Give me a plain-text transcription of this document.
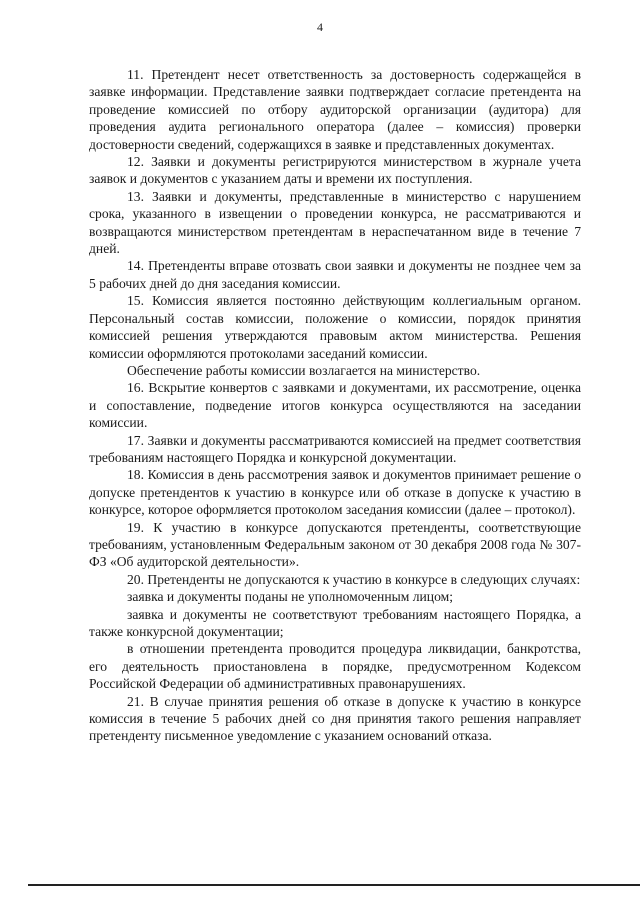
4

11. Претендент несет ответственность за достоверность содержащейся в заявке информации. Представление заявки подтверждает согласие претендента на проведение комиссией по отбору аудиторской организации (аудитора) для проведения аудита регионального оператора (далее – комиссия) проверки достоверности сведений, содержащихся в заявке и представленных документах.

12. Заявки и документы регистрируются министерством в журнале учета заявок и документов с указанием даты и времени их поступления.

13. Заявки и документы, представленные в министерство с нарушением срока, указанного в извещении о проведении конкурса, не рассматриваются и возвращаются министерством претендентам в нераспечатанном виде в течение 7 дней.

14. Претенденты вправе отозвать свои заявки и документы не позднее чем за 5 рабочих дней до дня заседания комиссии.

15. Комиссия является постоянно действующим коллегиальным органом. Персональный состав комиссии, положение о комиссии, порядок принятия комиссией решения утверждаются правовым актом министерства. Решения комиссии оформляются протоколами заседаний комиссии.

Обеспечение работы комиссии возлагается на министерство.

16. Вскрытие конвертов с заявками и документами, их рассмотрение, оценка и сопоставление, подведение итогов конкурса осуществляются на заседании комиссии.

17. Заявки и документы рассматриваются комиссией на предмет соответствия требованиям настоящего Порядка и конкурсной документации.

18. Комиссия в день рассмотрения заявок и документов принимает решение о допуске претендентов к участию в конкурсе или об отказе в допуске к участию в конкурсе, которое оформляется протоколом заседания комиссии (далее – протокол).

19. К участию в конкурсе допускаются претенденты, соответствующие требованиям, установленным Федеральным законом от 30 декабря 2008 года № 307-ФЗ «Об аудиторской деятельности».

20. Претенденты не допускаются к участию в конкурсе в следующих случаях:

заявка и документы поданы не уполномоченным лицом;

заявка и документы не соответствуют требованиям настоящего Порядка, а также конкурсной документации;

в отношении претендента проводится процедура ликвидации, банкротства, его деятельность приостановлена в порядке, предусмотренном Кодексом Российской Федерации об административных правонарушениях.

21. В случае принятия решения об отказе в допуске к участию в конкурсе комиссия в течение 5 рабочих дней со дня принятия такого решения направляет претенденту письменное уведомление с указанием оснований отказа.
